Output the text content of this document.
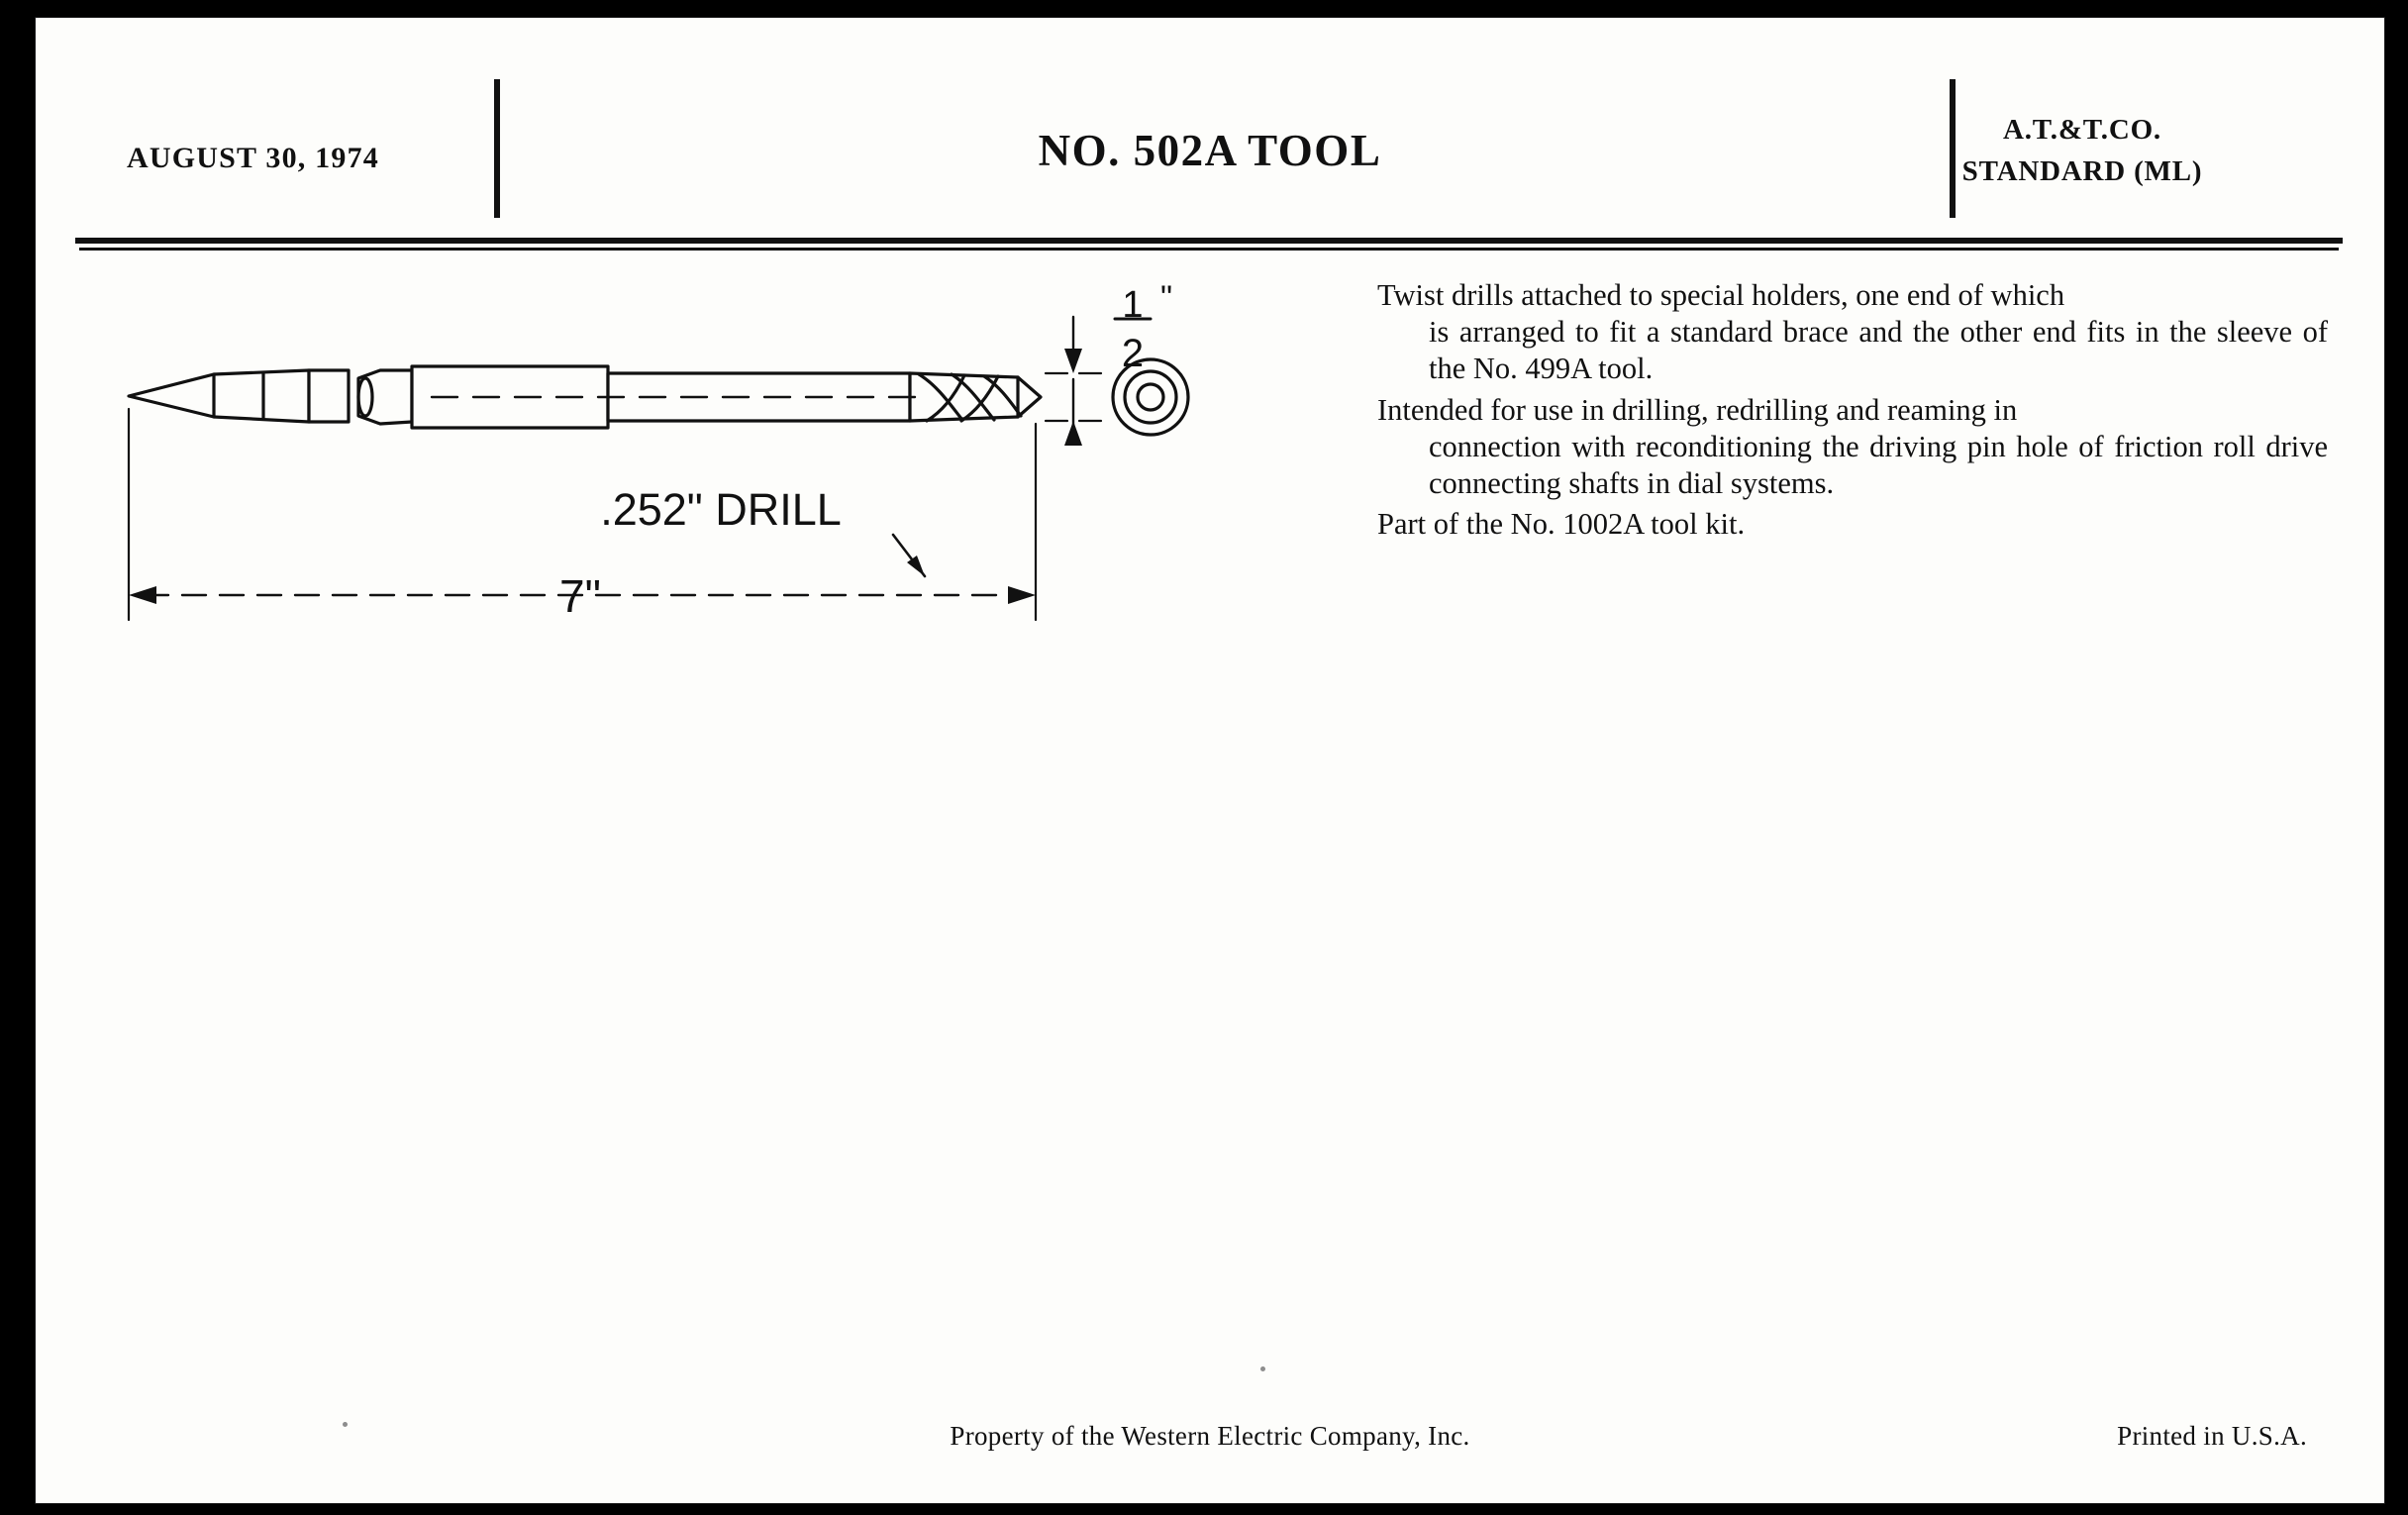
AUGUST 30, 1974	NO. 502A TOOL	A.T.&T.CO.
STANDARD (ML)
.252" DRILL
7"
1
2
"	Twist drills attached to special holders, one end of which
is arranged to fit a standard brace and the other end fits in the sleeve of the No. 499A tool.

Intended for use in drilling, redrilling and reaming in
connection with reconditioning the driving pin hole of friction roll drive connecting shafts in dial systems.

Part of the No. 1002A tool kit.

Property of the Western Electric Company, Inc.	Printed in U.S.A.
